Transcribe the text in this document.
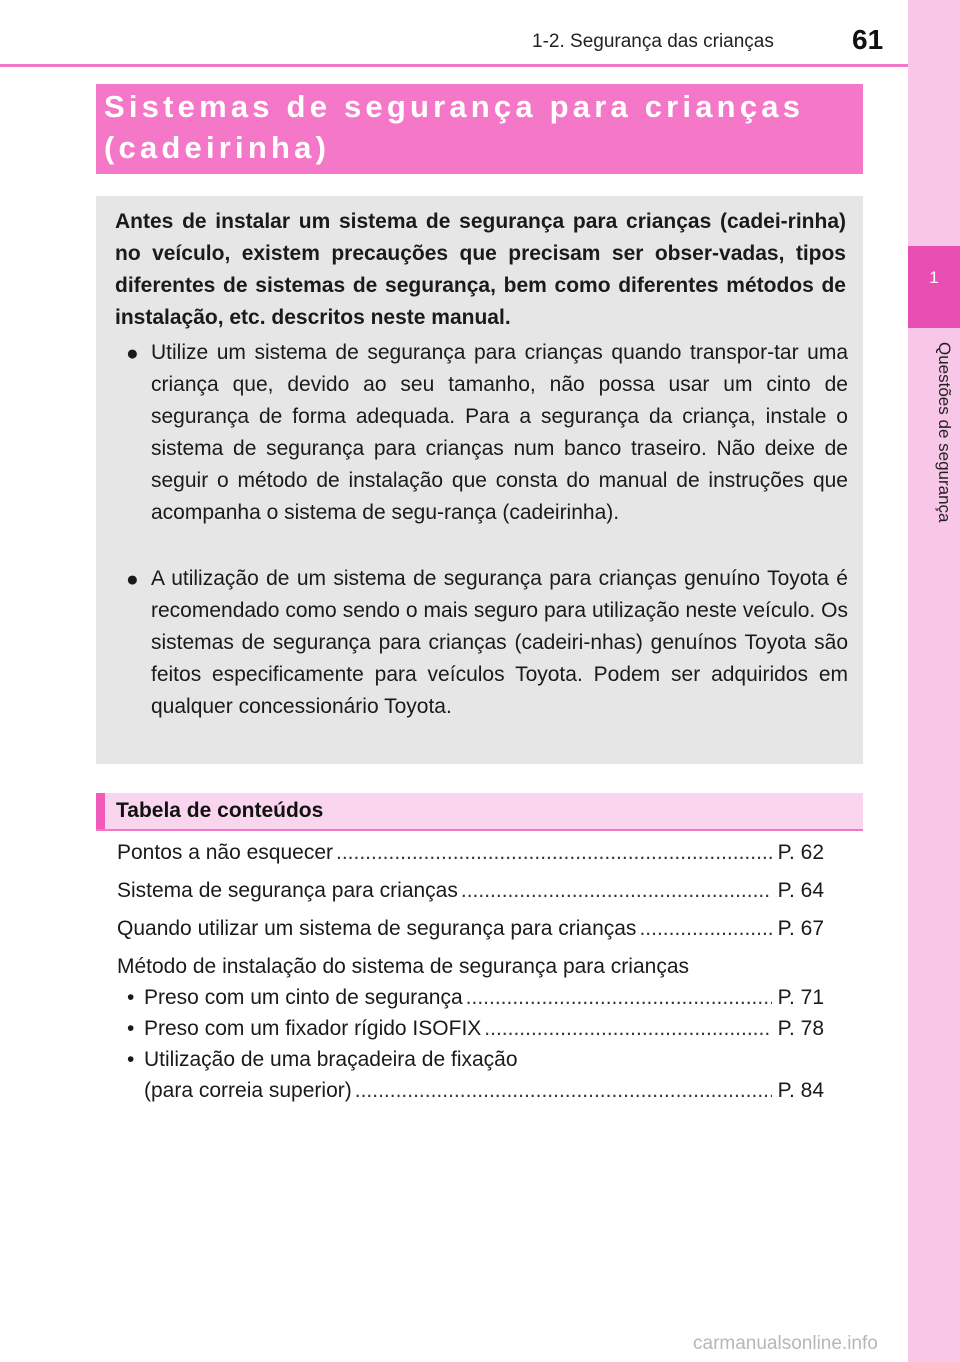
1-2. Segurança das crianças	61
1
Questões de segurança
Sistemas de segurança para crianças (cadeirinha)

Antes de instalar um sistema de segurança para crianças (cadei-rinha) no veículo, existem precauções que precisam ser obser-vadas, tipos diferentes de sistemas de segurança, bem como diferentes métodos de instalação, etc. descritos neste manual.

● Utilize um sistema de segurança para crianças quando transpor-tar uma criança que, devido ao seu tamanho, não possa usar um cinto de segurança de forma adequada. Para a segurança da criança, instale o sistema de segurança para crianças num banco traseiro. Não deixe de seguir o método de instalação que consta do manual de instruções que acompanha o sistema de segu-rança (cadeirinha).
● A utilização de um sistema de segurança para crianças genuíno Toyota é recomendado como sendo o mais seguro para utilização neste veículo. Os sistemas de segurança para crianças (cadeiri-nhas) genuínos Toyota são feitos especificamente para veículos Toyota. Podem ser adquiridos em qualquer concessionário Toyota.
Tabela de conteúdos
Pontos a não esquecer .....	P. 62
Sistema de segurança para crianças .....	P. 64
Quando utilizar um sistema de segurança para crianças .....	P. 67
Método de instalação do sistema de segurança para crianças
• Preso com um cinto de segurança .....	P. 71
• Preso com um fixador rígido ISOFIX .....	P. 78
• Utilização de uma braçadeira de fixação
(para correia superior) .....	P. 84
carmanualsonline.info
